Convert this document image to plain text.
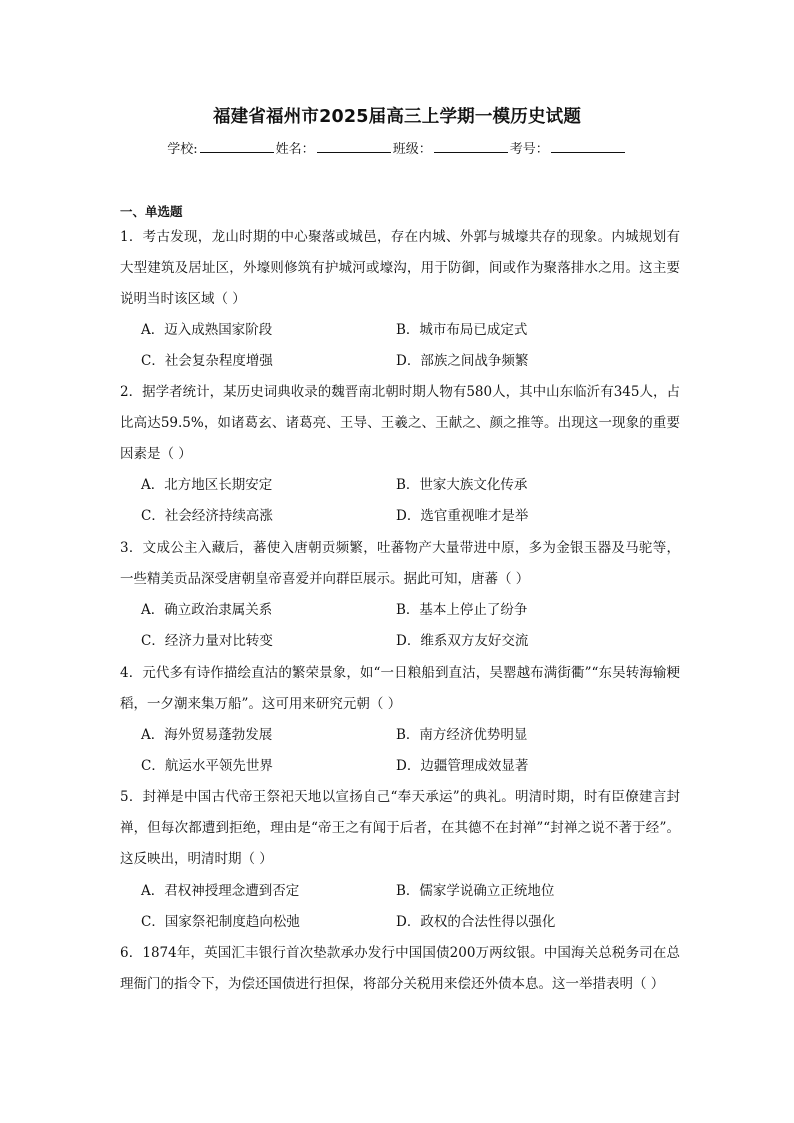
福建省福州市2025届高三上学期一模历史试题
学校:	姓名：	班级：	考号：
一、单选题
1．考古发现，龙山时期的中心聚落或城邑，存在内城、外郭与城壕共存的现象。内城规划有大型建筑及居址区，外壕则修筑有护城河或壕沟，用于防御，间或作为聚落排水之用。这主要说明当时该区域（ ）
A．迈入成熟国家阶段	B．城市布局已成定式
C．社会复杂程度增强	D．部族之间战争频繁
2．据学者统计，某历史词典收录的魏晋南北朝时期人物有580人，其中山东临沂有345人，占比高达59.5%，如诸葛玄、诸葛亮、王导、王羲之、王献之、颜之推等。出现这一现象的重要因素是（ ）
A．北方地区长期安定	B．世家大族文化传承
C．社会经济持续高涨	D．选官重视唯才是举
3．文成公主入藏后，蕃使入唐朝贡频繁，吐蕃物产大量带进中原，多为金银玉器及马驼等，一些精美贡品深受唐朝皇帝喜爱并向群臣展示。据此可知，唐蕃（ ）
A．确立政治隶属关系	B．基本上停止了纷争
C．经济力量对比转变	D．维系双方友好交流
4．元代多有诗作描绘直沽的繁荣景象，如“一日粮船到直沽，吴罂越布满街衢”“东吴转海输粳稻，一夕潮来集万船”。这可用来研究元朝（ ）
A．海外贸易蓬勃发展	B．南方经济优势明显
C．航运水平领先世界	D．边疆管理成效显著
5．封禅是中国古代帝王祭祀天地以宣扬自己“奉天承运”的典礼。明清时期，时有臣僚建言封禅，但每次都遭到拒绝，理由是“帝王之有闻于后者，在其德不在封禅”“封禅之说不著于经”。这反映出，明清时期（ ）
A．君权神授理念遭到否定	B．儒家学说确立正统地位
C．国家祭祀制度趋向松弛	D．政权的合法性得以强化
6．1874年，英国汇丰银行首次垫款承办发行中国国债200万两纹银。中国海关总税务司在总理衙门的指令下，为偿还国债进行担保，将部分关税用来偿还外债本息。这一举措表明（ ）
